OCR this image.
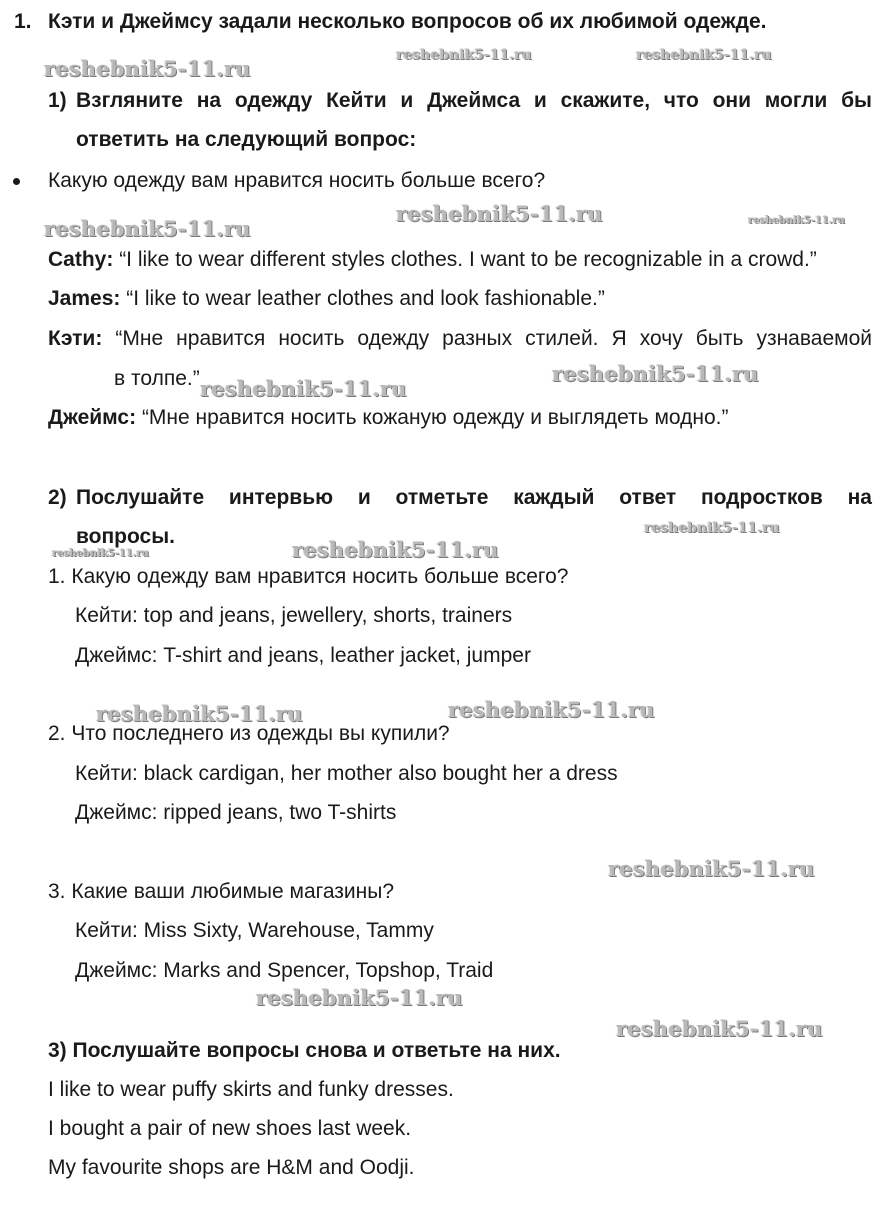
1. Кэти и Джеймсу задали несколько вопросов об их любимой одежде.
1) Взгляните на одежду Кейти и Джеймса и скажите, что они могли бы
ответить на следующий вопрос:
Какую одежду вам нравится носить больше всего?
Cathy: “I like to wear different styles clothes. I want to be recognizable in a crowd.”
James: “I like to wear leather clothes and look fashionable.”
Кэти: “Мне нравится носить одежду разных стилей. Я хочу быть узнаваемой
в толпе.”
Джеймс: “Мне нравится носить кожаную одежду и выглядеть модно.”
2) Послушайте интервью и отметьте каждый ответ подростков на
вопросы.
1. Какую одежду вам нравится носить больше всего?
Кейти: top and jeans, jewellery, shorts, trainers
Джеймс: T-shirt and jeans, leather jacket, jumper
2. Что последнего из одежды вы купили?
Кейти: black cardigan, her mother also bought her a dress
Джеймс: ripped jeans, two T-shirts
3. Какие ваши любимые магазины?
Кейти: Miss Sixty, Warehouse, Tammy
Джеймс: Marks and Spencer, Topshop, Traid
3) Послушайте вопросы снова и ответьте на них.
I like to wear puffy skirts and funky dresses.
I bought a pair of new shoes last week.
My favourite shops are H&M and Oodji.
reshebnik5-11.ru
reshebnik5-11.ru	reshebnik5-11.ru
reshebnik5-11.ru
reshebnik5-11.ru	reshebnik5-11.ru
reshebnik5-11.ru
reshebnik5-11.ru
reshebnik5-11.ru
reshebnik5-11.ru	reshebnik5-11.ru
reshebnik5-11.ru	reshebnik5-11.ru
reshebnik5-11.ru
reshebnik5-11.ru
reshebnik5-11.ru
